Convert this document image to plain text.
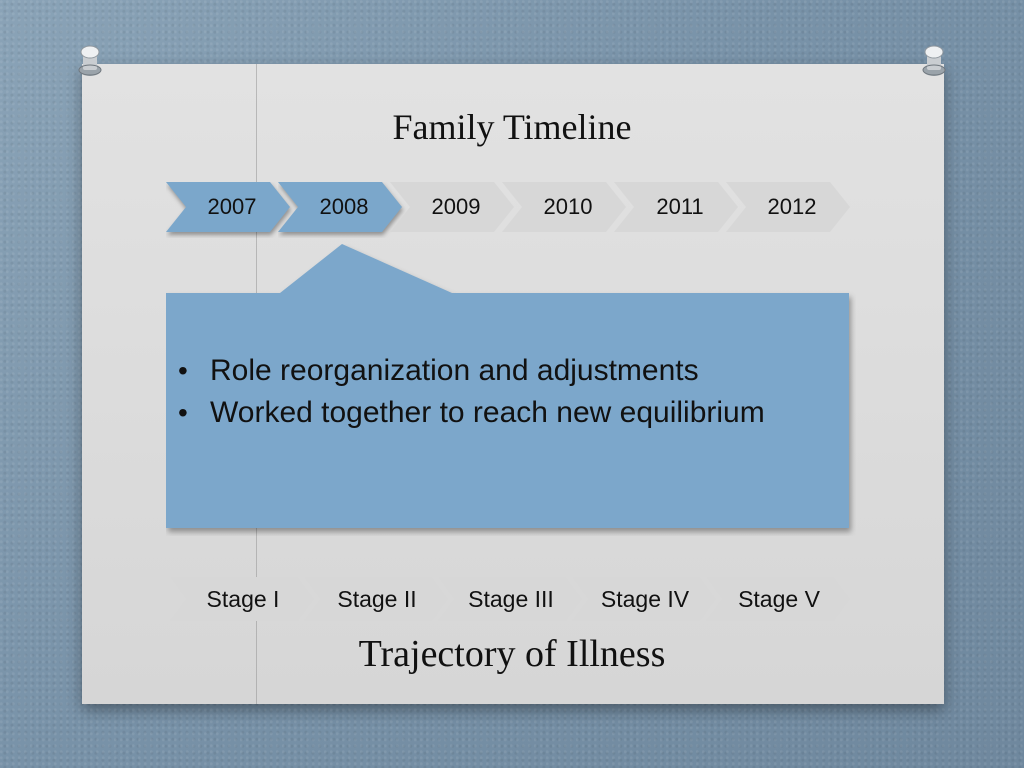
Family Timeline
2007	2008	2009	2010	2011	2012
• Role reorganization and adjustments
• Worked together to reach new equilibrium
Stage I	Stage II Stage III Stage IV Stage V
Trajectory of Illness
